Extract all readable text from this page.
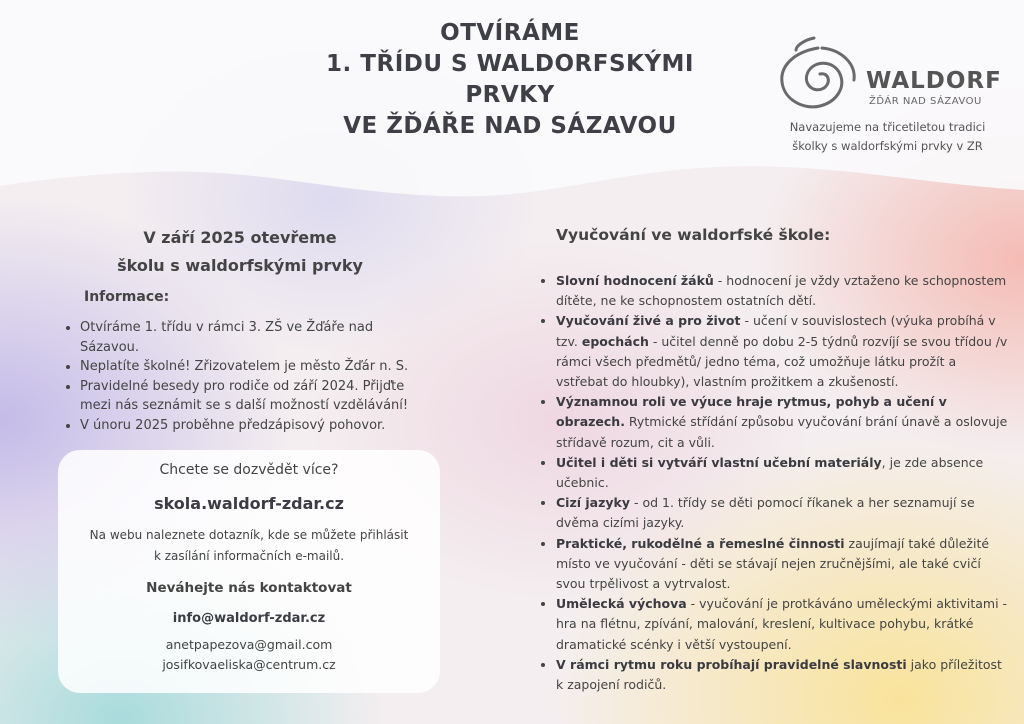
OTVÍRÁME
1. TŘÍDU S WALDORFSKÝMI
PRVKY
VE ŽĎÁŘE NAD SÁZAVOU
WALDORF
ŽĎÁR NAD SÁZAVOU
Navazujeme na třicetiletou tradici školky s waldorfskými prvky v ZR
V září 2025 otevřeme
školu s waldorfskými prvky
Informace:
• Otvíráme 1. třídu v rámci 3. ZŠ ve Žďáře nad Sázavou.
• Neplatíte školné! Zřizovatelem je město Žďár n. S.
• Pravidelné besedy pro rodiče od září 2024. Přijďte mezi nás seznámit se s další možností vzdělávání!
• V únoru 2025 proběhne předzápisový pohovor.
Chcete se dozvědět více?
skola.waldorf-zdar.cz
Na webu naleznete dotazník, kde se můžete přihlásit
k zasílání informačních e-mailů.
Neváhejte nás kontaktovat
info@waldorf-zdar.cz
anetpapezova@gmail.com
josifkovaeliska@centrum.cz
Vyučování ve waldorfské škole:
• Slovní hodnocení žáků - hodnocení je vždy vztaženo ke schopnostem dítěte, ne ke schopnostem ostatních dětí.
• Vyučování živé a pro život - učení v souvislostech (výuka probíhá v tzv. epochách - učitel denně po dobu 2-5 týdnů rozvíjí se svou třídou /v rámci všech předmětů/ jedno téma, což umožňuje látku prožít a vstřebat do hloubky), vlastním prožitkem a zkušeností.
• Významnou roli ve výuce hraje rytmus, pohyb a učení v obrazech. Rytmické střídání způsobu vyučování brání únavě a oslovuje střídavě rozum, cit a vůli.
• Učitel i děti si vytváří vlastní učební materiály, je zde absence učebnic.
• Cizí jazyky - od 1. třídy se děti pomocí říkanek a her seznamují se dvěma cizími jazyky.
• Praktické, rukodělné a řemeslné činnosti zaujímají také důležité místo ve vyučování - děti se stávají nejen zručnějšími, ale také cvičí svou trpělivost a vytrvalost.
• Umělecká výchova - vyučování je protkáváno uměleckými aktivitami - hra na flétnu, zpívání, malování, kreslení, kultivace pohybu, krátké dramatické scénky i větší vystoupení.
• V rámci rytmu roku probíhají pravidelné slavnosti jako příležitost k zapojení rodičů.
